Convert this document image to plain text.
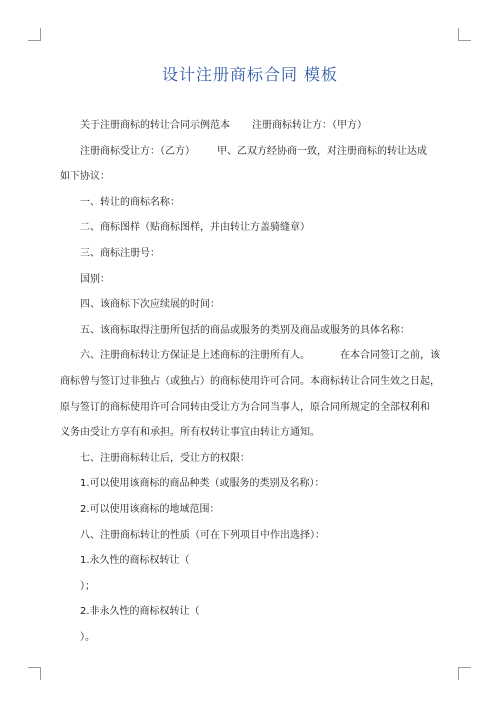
设计注册商标合同 模板

关于注册商标的转让合同示例范本 注册商标转让方：（甲方）

注册商标受让方：（乙方） 甲、乙双方经协商一致，对注册商标的转让达成

如下协议：

一、转让的商标名称：

二、商标图样（贴商标图样，并由转让方盖骑缝章）

三、商标注册号：

国别：

四、该商标下次应续展的时间：

五、该商标取得注册所包括的商品或服务的类别及商品或服务的具体名称：

六、注册商标转让方保证是上述商标的注册所有人。	在本合同签订之前，该

商标曾与签订过非独占（或独占）的商标使用许可合同。本商标转让合同生效之日起，

原与签订的商标使用许可合同转由受让方为合同当事人，原合同所规定的全部权利和

义务由受让方享有和承担。所有权转让事宜由转让方通知。

七、注册商标转让后，受让方的权限：

1.可以使用该商标的商品种类（或服务的类别及名称）：

2.可以使用该商标的地域范围：

八、注册商标转让的性质（可在下列项目中作出选择）：

1.永久性的商标权转让（

）；

2.非永久性的商标权转让（

）。
